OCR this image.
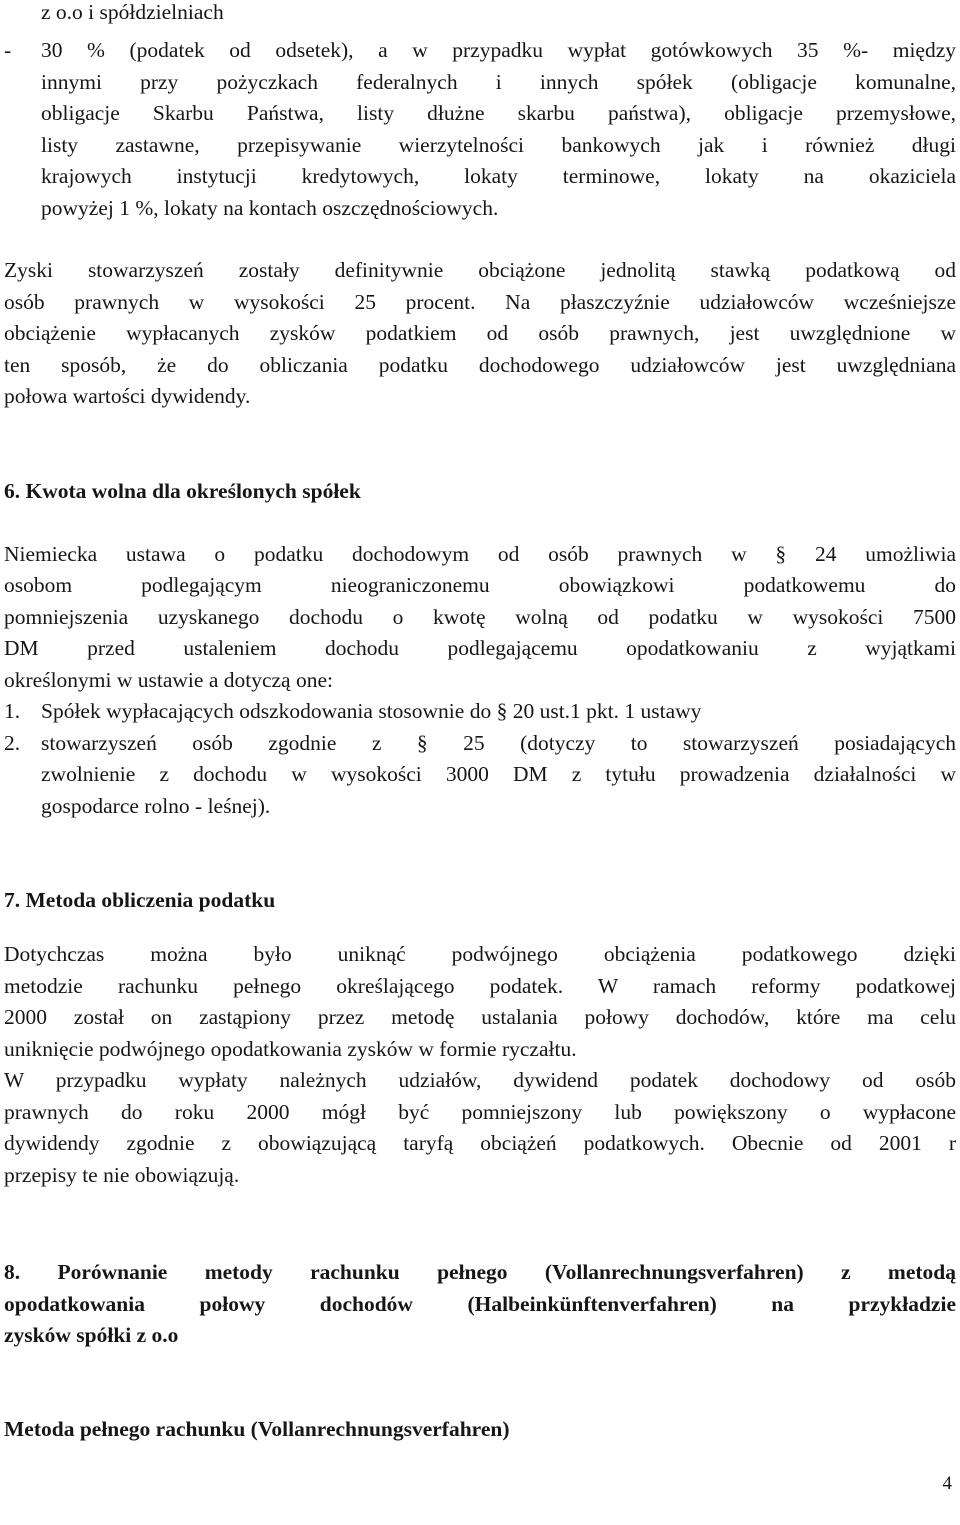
z o.o i spółdzielniach
- 30 % (podatek od odsetek), a w przypadku wypłat gotówkowych 35 %- między
innymi przy pożyczkach federalnych i innych spółek (obligacje komunalne,
obligacje Skarbu Państwa, listy dłużne skarbu państwa), obligacje przemysłowe,
listy zastawne, przepisywanie wierzytelności bankowych jak i również długi
krajowych instytucji kredytowych, lokaty terminowe, lokaty na okaziciela
powyżej 1 %, lokaty na kontach oszczędnościowych.
Zyski stowarzyszeń zostały definitywnie obciążone jednolitą stawką podatkową od
osób prawnych w wysokości 25 procent. Na płaszczyźnie udziałowców wcześniejsze
obciążenie wypłacanych zysków podatkiem od osób prawnych, jest uwzględnione w
ten sposób, że do obliczania podatku dochodowego udziałowców jest uwzględniana
połowa wartości dywidendy.
6. Kwota wolna dla określonych spółek
Niemiecka ustawa o podatku dochodowym od osób prawnych w § 24 umożliwia
osobom podlegającym nieograniczonemu obowiązkowi podatkowemu do
pomniejszenia uzyskanego dochodu o kwotę wolną od podatku w wysokości 7500
DM przed ustaleniem dochodu podlegającemu opodatkowaniu z wyjątkami
określonymi w ustawie a dotyczą one:
1. Spółek wypłacających odszkodowania stosownie do § 20 ust.1 pkt. 1 ustawy
2. stowarzyszeń osób zgodnie z § 25 (dotyczy to stowarzyszeń posiadających
zwolnienie z dochodu w wysokości 3000 DM z tytułu prowadzenia działalności w
gospodarce rolno - leśnej).
7. Metoda obliczenia podatku
Dotychczas można było uniknąć podwójnego obciążenia podatkowego dzięki
metodzie rachunku pełnego określającego podatek. W ramach reformy podatkowej
2000 został on zastąpiony przez metodę ustalania połowy dochodów, które ma celu
uniknięcie podwójnego opodatkowania zysków w formie ryczałtu.
W przypadku wypłaty należnych udziałów, dywidend podatek dochodowy od osób
prawnych do roku 2000 mógł być pomniejszony lub powiększony o wypłacone
dywidendy zgodnie z obowiązującą taryfą obciążeń podatkowych. Obecnie od 2001 r
przepisy te nie obowiązują.
8. Porównanie metody rachunku pełnego (Vollanrechnungsverfahren) z metodą
opodatkowania połowy dochodów (Halbeinkünftenverfahren) na przykładzie
zysków spółki z o.o
Metoda pełnego rachunku (Vollanrechnungsverfahren)
4
